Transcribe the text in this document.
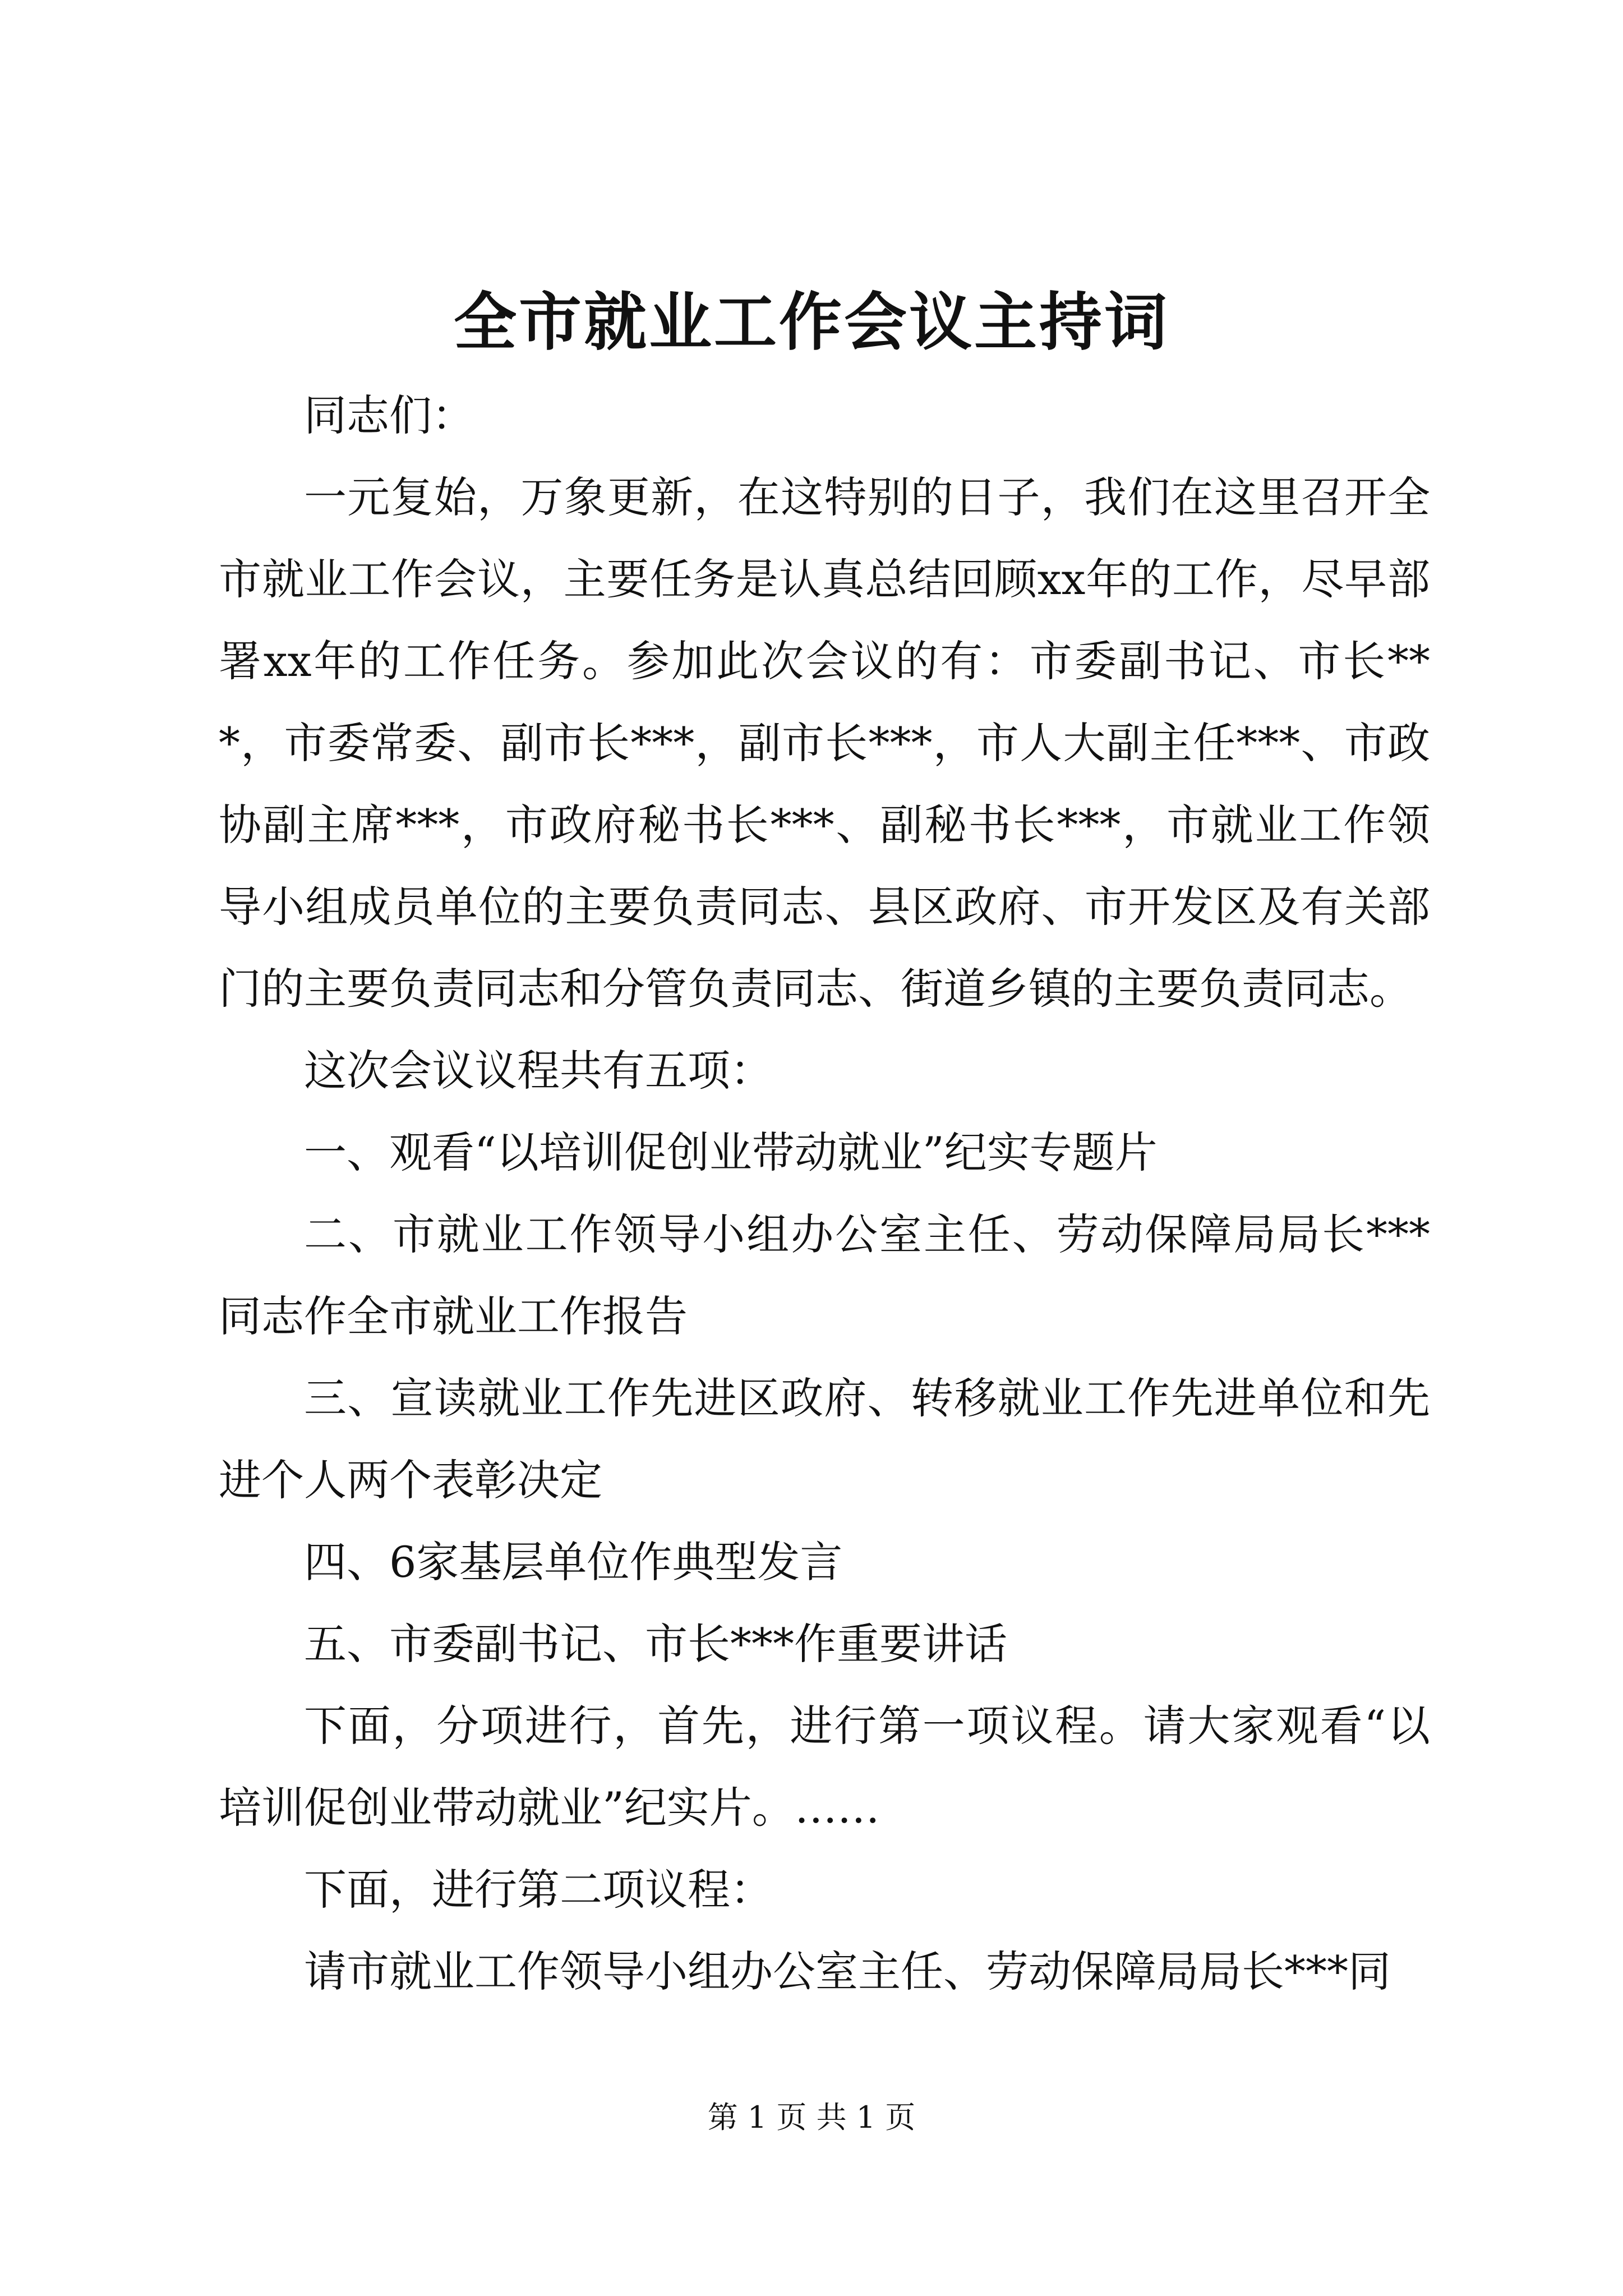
全市就业工作会议主持词

同志们：

一元复始，万象更新，在这特别的日子，我们在这里召开全市就业工作会议，主要任务是认真总结回顾xx年的工作，尽早部署xx年的工作任务。参加此次会议的有：市委副书记、市长***，市委常委、副市长***，副市长***，市人大副主任***、市政协副主席***，市政府秘书长***、副秘书长***，市就业工作领导小组成员单位的主要负责同志、县区政府、市开发区及有关部门的主要负责同志和分管负责同志、街道乡镇的主要负责同志。

这次会议议程共有五项：

一、观看“以培训促创业带动就业”纪实专题片

二、市就业工作领导小组办公室主任、劳动保障局局长***同志作全市就业工作报告

三、宣读就业工作先进区政府、转移就业工作先进单位和先进个人两个表彰决定

四、6家基层单位作典型发言

五、市委副书记、市长***作重要讲话

下面，分项进行，首先，进行第一项议程。请大家观看“以培训促创业带动就业”纪实片。……

下面，进行第二项议程：

请市就业工作领导小组办公室主任、劳动保障局局长***同

第 1 页 共 1 页
